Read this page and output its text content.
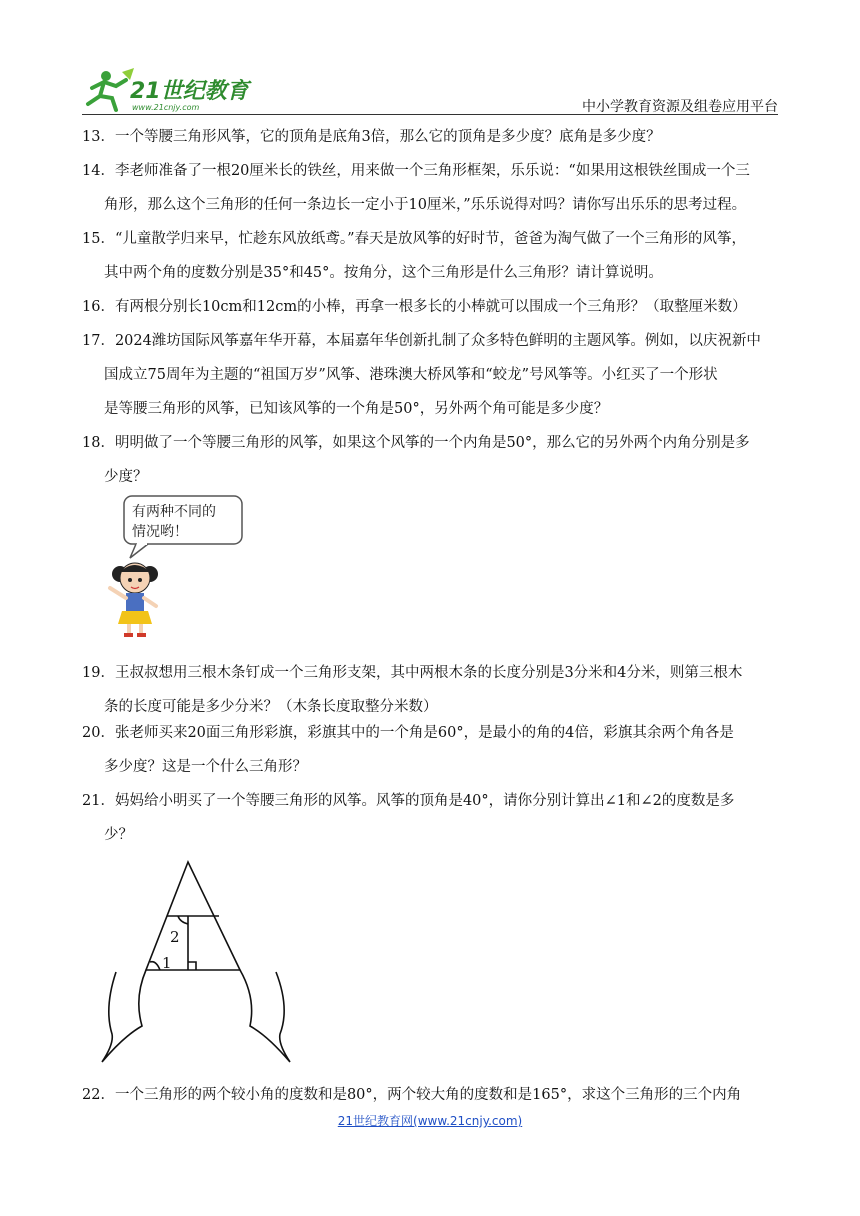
21世纪教育
www.21cnjy.com	中小学教育资源及组卷应用平台
13．一个等腰三角形风筝，它的顶角是底角3倍，那么它的顶角是多少度？底角是多少度？
14．李老师准备了一根20厘米长的铁丝，用来做一个三角形框架，乐乐说：“如果用这根铁丝围成一个三
角形，那么这个三角形的任何一条边长一定小于10厘米，”乐乐说得对吗？请你写出乐乐的思考过程。
15．“儿童散学归来早，忙趁东风放纸鸢。”春天是放风筝的好时节，爸爸为淘气做了一个三角形的风筝，
其中两个角的度数分别是35°和45°。按角分，这个三角形是什么三角形？请计算说明。
16．有两根分别长10cm和12cm的小棒，再拿一根多长的小棒就可以围成一个三角形？（取整厘米数）
17．2024潍坊国际风筝嘉年华开幕，本届嘉年华创新扎制了众多特色鲜明的主题风筝。例如，以庆祝新中
国成立75周年为主题的“祖国万岁”风筝、港珠澳大桥风筝和“蛟龙”号风筝等。小红买了一个形状
是等腰三角形的风筝，已知该风筝的一个角是50°，另外两个角可能是多少度？
18．明明做了一个等腰三角形的风筝，如果这个风筝的一个内角是50°，那么它的另外两个内角分别是多
少度？
有两种不同的
情况哟！
19．王叔叔想用三根木条钉成一个三角形支架，其中两根木条的长度分别是3分米和4分米，则第三根木
条的长度可能是多少分米？（木条长度取整分米数）
20．张老师买来20面三角形彩旗，彩旗其中的一个角是60°，是最小的角的4倍，彩旗其余两个角各是
多少度？这是一个什么三角形？
21．妈妈给小明买了一个等腰三角形的风筝。风筝的顶角是40°，请你分别计算出∠1和∠2的度数是多
少？
2
1
22．一个三角形的两个较小角的度数和是80°，两个较大角的度数和是165°，求这个三角形的三个内角
21世纪教育网(www.21cnjy.com)
